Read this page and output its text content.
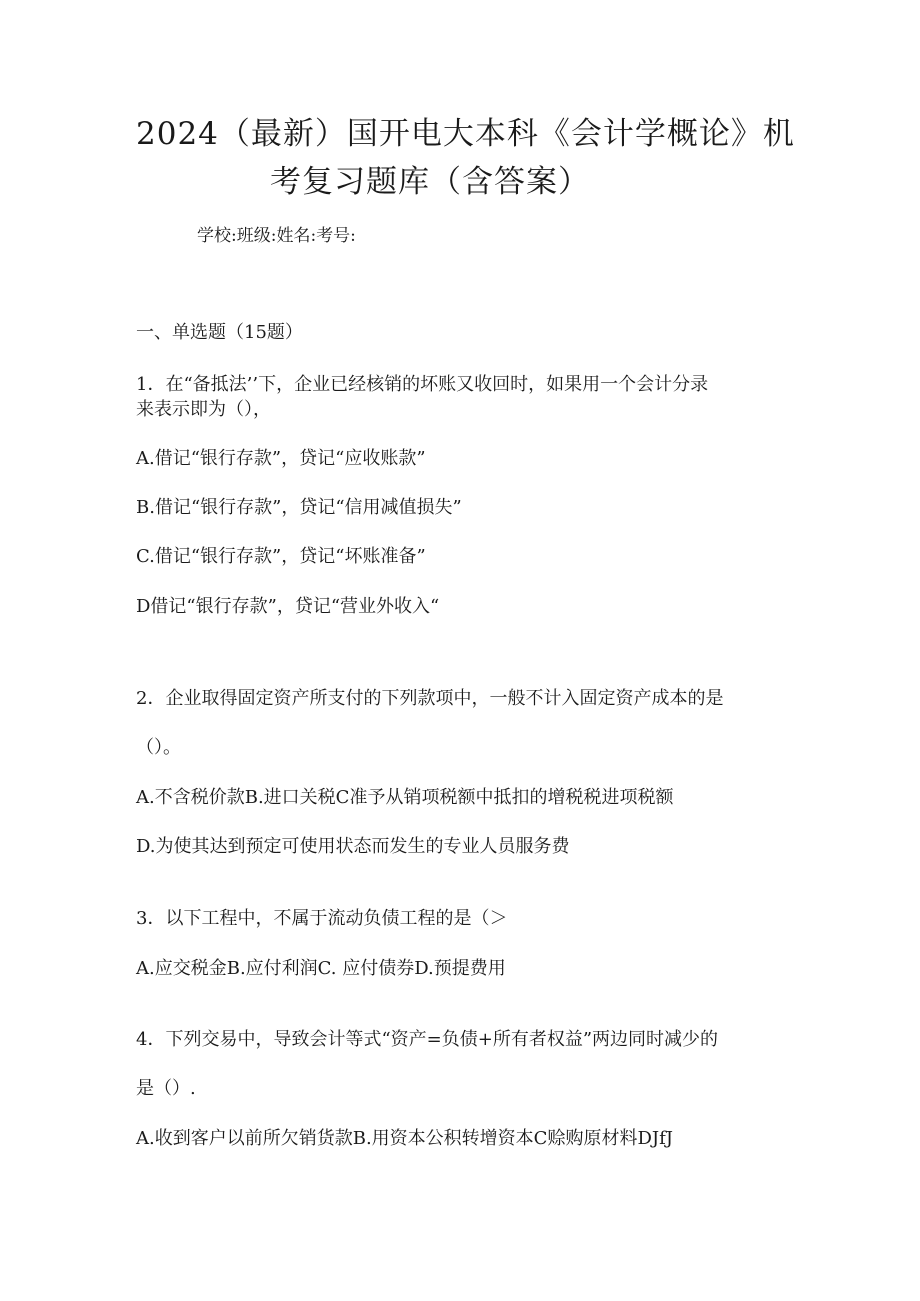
2024（最新）国开电大本科《会计学概论》机
考复习题库（含答案）
学校:班级:姓名:考号:
一、单选题（15题）
1．在“备抵法’’下，企业已经核销的坏账又收回时，如果用一个会计分录
来表示即为（），
A.借记“银行存款”，贷记“应收账款”
B.借记“银行存款”，贷记“信用减值损失”
C.借记“银行存款”，贷记“坏账准备”
D借记“银行存款”，贷记“营业外收入“
2．企业取得固定资产所支付的下列款项中，一般不计入固定资产成本的是
（）。
A.不含税价款B.进口关税C准予从销项税额中抵扣的增税税进项税额
D.为使其达到预定可使用状态而发生的专业人员服务费
3．以下工程中，不属于流动负债工程的是（＞
A.应交税金B.应付利润C. 应付债券D.预提费用
4．下列交易中，导致会计等式“资产=负债+所有者权益”两边同时减少的
是（）.
A.收到客户以前所欠销货款B.用资本公积转增资本C赊购原材料DJfJ
